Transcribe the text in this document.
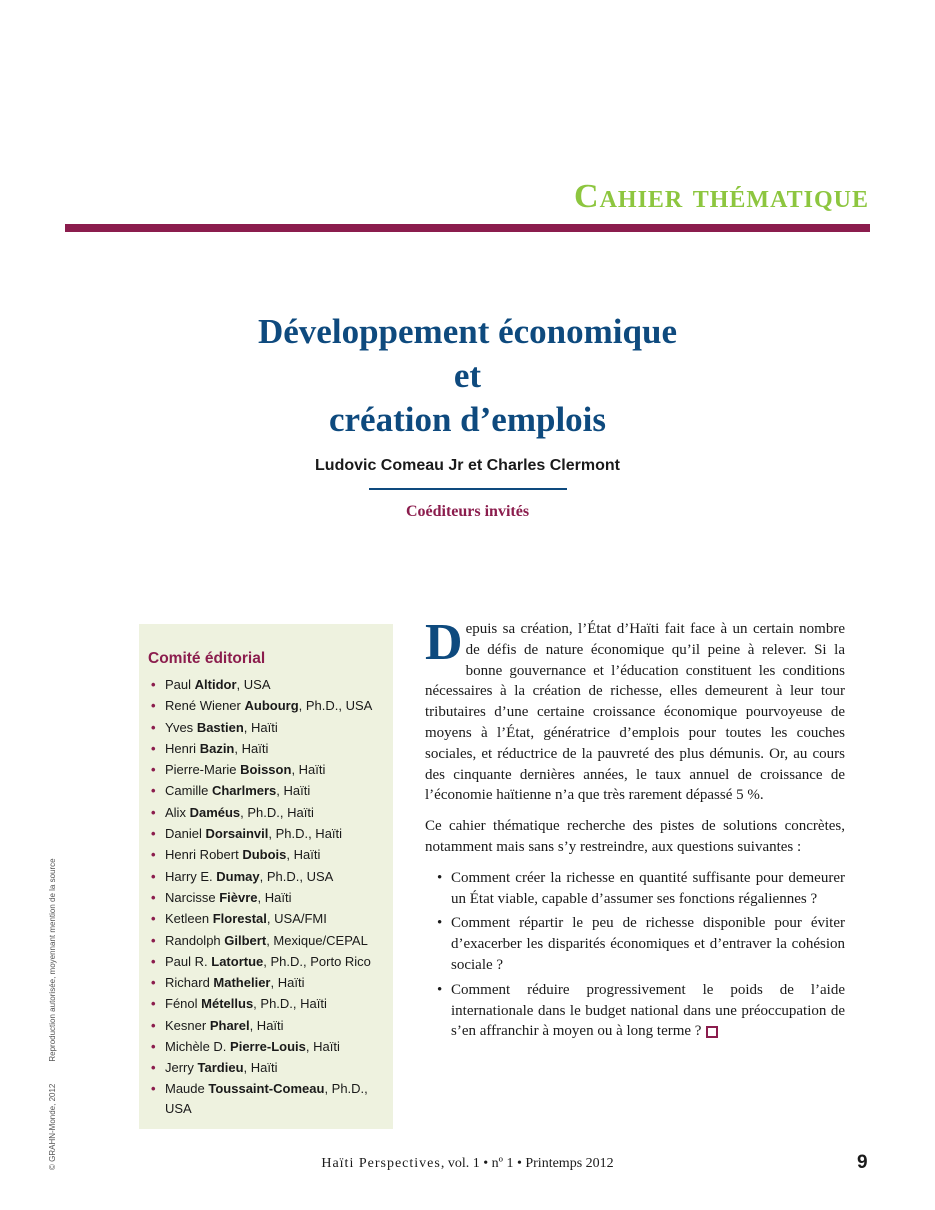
Cahier thématique
Développement économique
et
création d’emplois
Ludovic Comeau Jr et Charles Clermont
Coéditeurs invités
Comité éditorial
• Paul Altidor, USA
• René Wiener Aubourg, Ph.D., USA
• Yves Bastien, Haïti
• Henri Bazin, Haïti
• Pierre-Marie Boisson, Haïti
• Camille Charlmers, Haïti
• Alix Daméus, Ph.D., Haïti
• Daniel Dorsainvil, Ph.D., Haïti
• Henri Robert Dubois, Haïti
• Harry E. Dumay, Ph.D., USA
• Narcisse Fièvre, Haïti
• Ketleen Florestal, USA/FMI
• Randolph Gilbert, Mexique/CEPAL
• Paul R. Latortue, Ph.D., Porto Rico
• Richard Mathelier, Haïti
• Fénol Métellus, Ph.D., Haïti
• Kesner Pharel, Haïti
• Michèle D. Pierre-Louis, Haïti
• Jerry Tardieu, Haïti
• Maude Toussaint-Comeau, Ph.D., USA

Depuis sa création, l’État d’Haïti fait face à un certain nombre de défis de nature économique qu’il peine à relever. Si la bonne gouvernance et l’éducation constituent les conditions nécessaires à la création de richesse, elles demeurent à leur tour tributaires d’une certaine croissance économique pourvoyeuse de moyens à l’État, génératrice d’emplois pour toutes les couches sociales, et réductrice de la pauvreté des plus démunis. Or, au cours des cinquante dernières années, le taux annuel de croissance de l’économie haïtienne n’a que très rarement dépassé 5 %.

Ce cahier thématique recherche des pistes de solutions concrètes, notamment mais sans s’y restreindre, aux questions suivantes :

• Comment créer la richesse en quantité suffisante pour demeurer un État viable, capable d’assumer ses fonctions régaliennes ?
• Comment répartir le peu de richesse disponible pour éviter d’exacerber les disparités économiques et d’entraver la cohésion sociale ?
• Comment réduire progressivement le poids de l’aide internationale dans le budget national dans une préoccupation de s’en affranchir à moyen ou à long terme ?
© GRAHN-Monde, 2012Reproduction autorisée, moyennant mention de la source
Haïti Perspectives, vol. 1 • nº 1 • Printemps 2012	9
